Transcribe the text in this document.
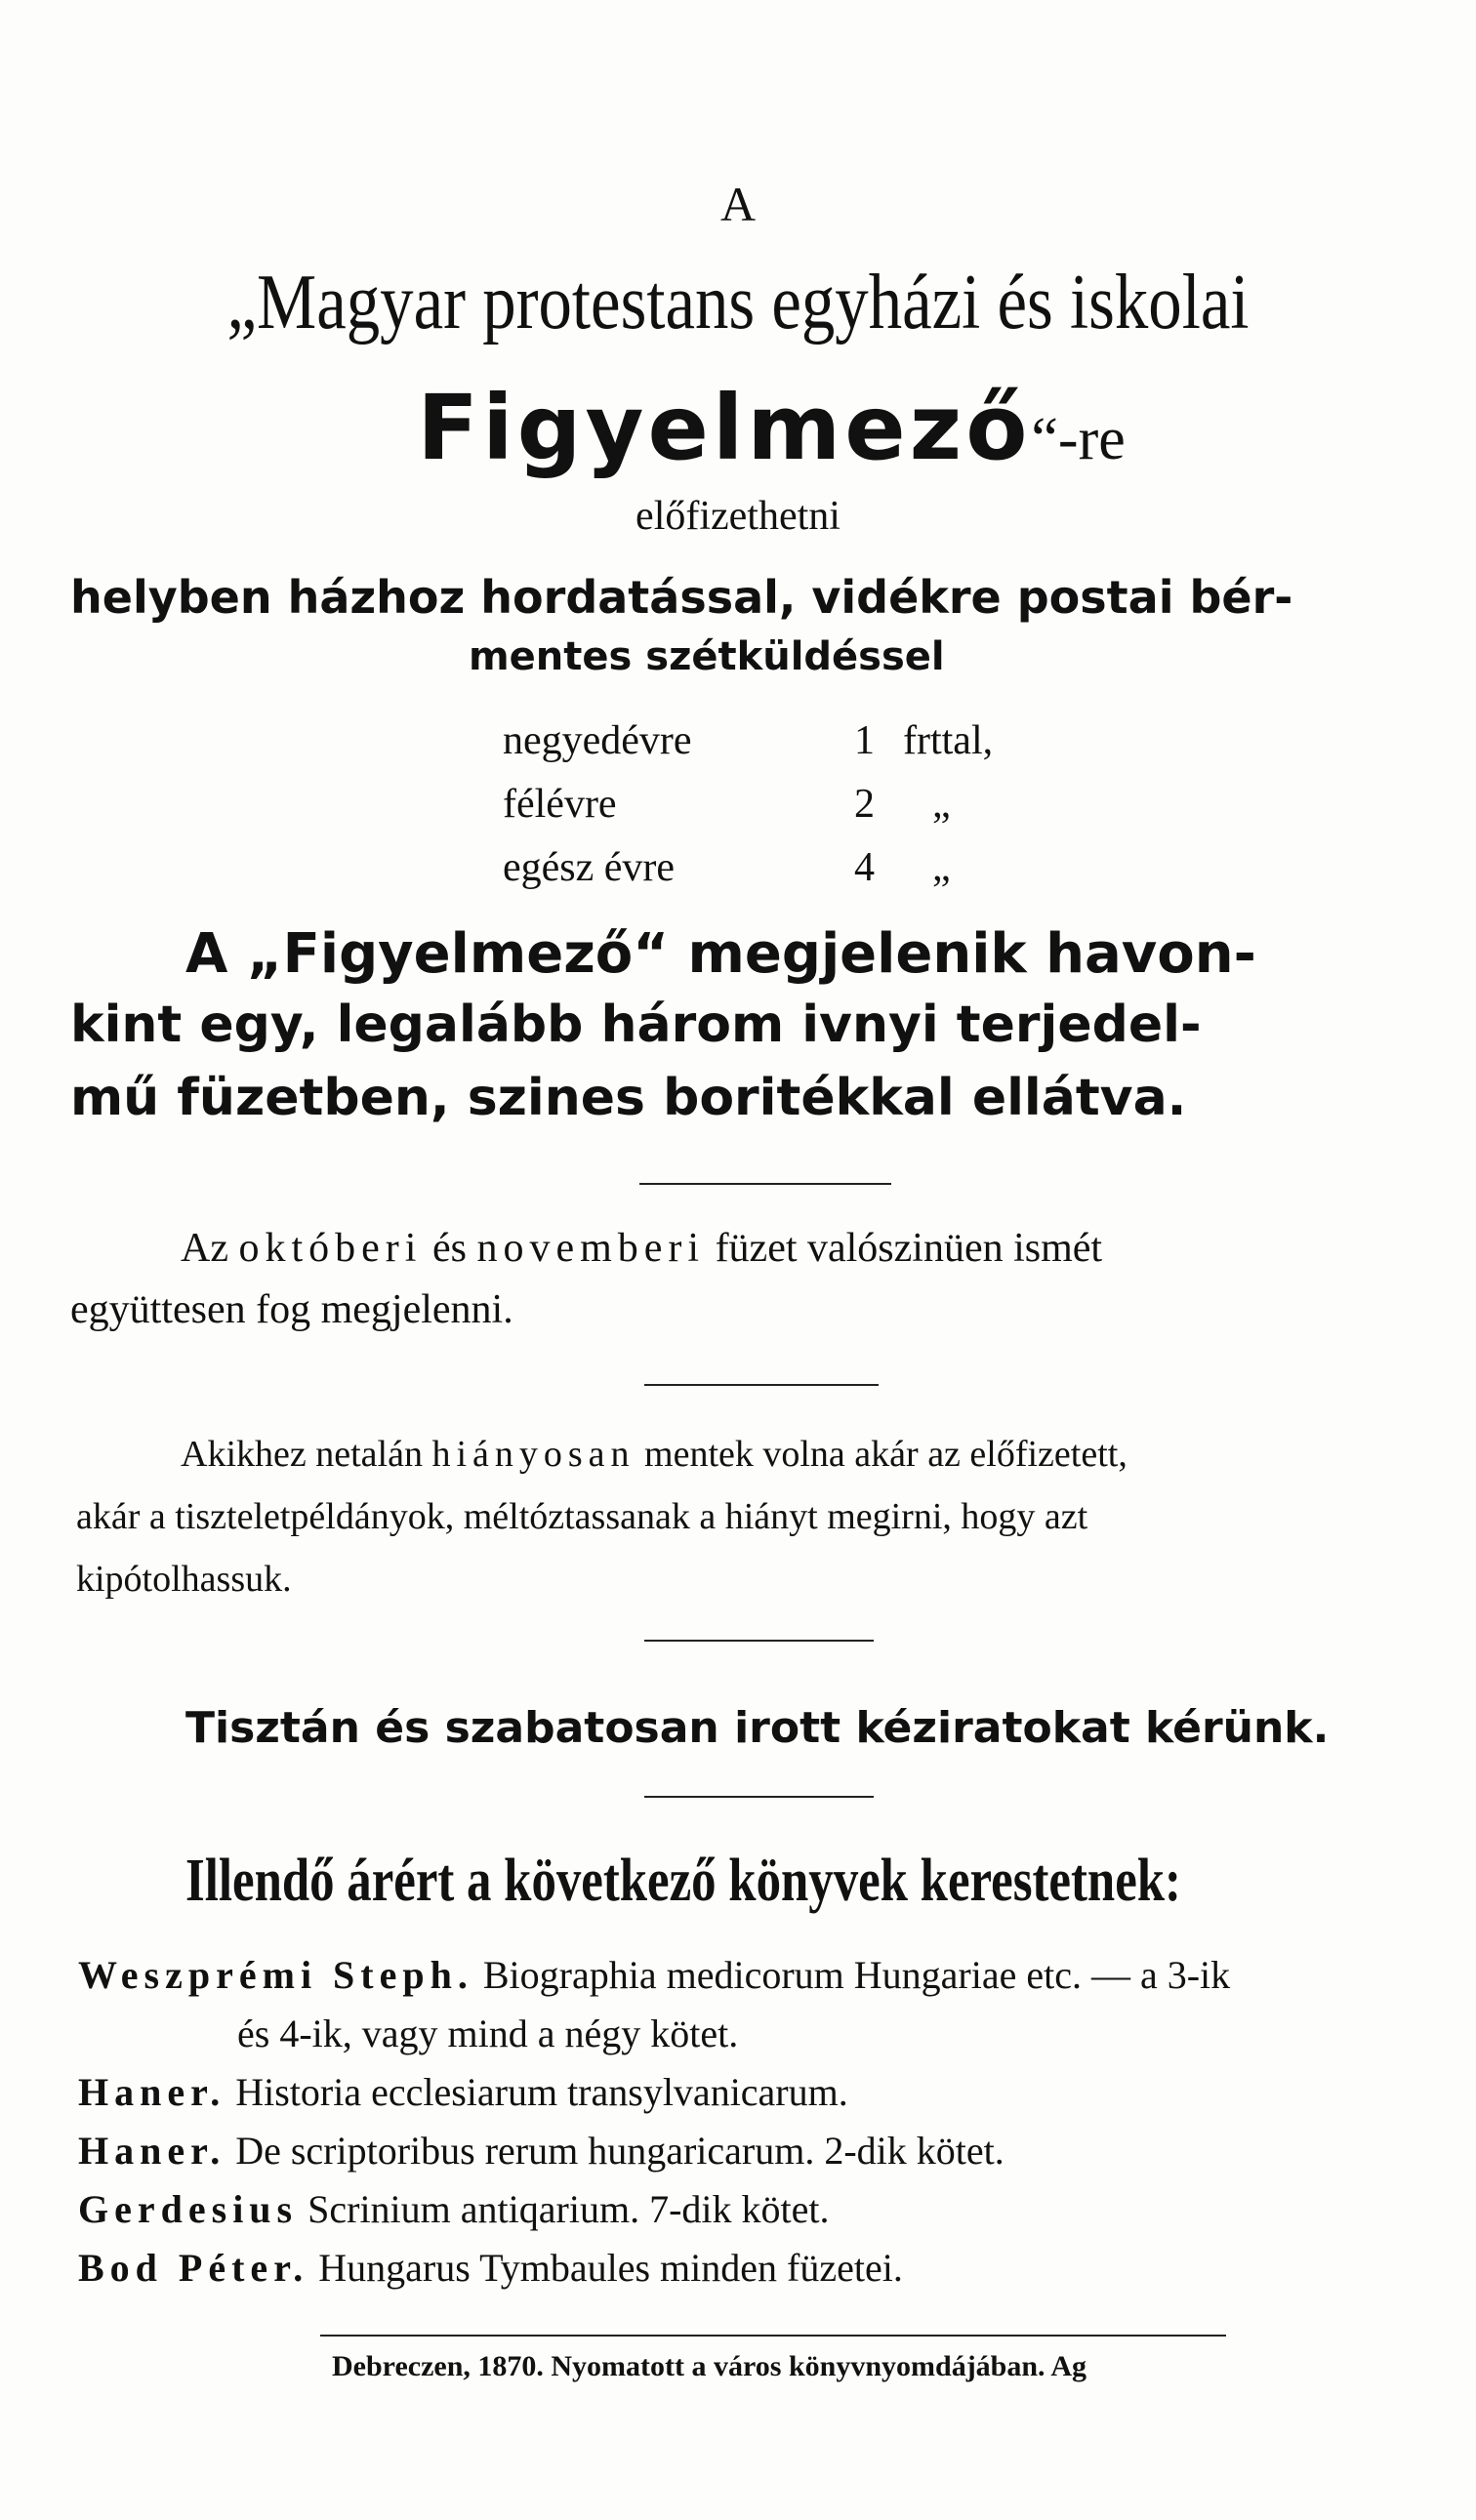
A
„Magyar protestans egyházi és iskolai
Figyelmező“-re
előfizethetni
helyben házhoz hordatással, vidékre postai bér-
mentes szétküldéssel
negyedévre	1 frttal,
félévre	2 „
egész évre	4 „
A „Figyelmező“ megjelenik havon-
kint egy, legalább három ivnyi terjedel-
mű füzetben, szines boritékkal ellátva.
Az októberi és novemberi füzet valószinüen ismét
együttesen fog megjelenni.
Akikhez netalán hiányosan mentek volna akár az előfizetett,
akár a tiszteletpéldányok, méltóztassanak a hiányt megirni, hogy azt
kipótolhassuk.
Tisztán és szabatosan irott kéziratokat kérünk.
Illendő árért a következő könyvek kerestetnek:
Weszprémi Steph. Biographia medicorum Hungariae etc. — a 3-ik
és 4-ik, vagy mind a négy kötet.
Haner. Historia ecclesiarum transylvanicarum.
Haner. De scriptoribus rerum hungaricarum. 2-dik kötet.
Gerdesius Scrinium antiqarium. 7-dik kötet.
Bod Péter. Hungarus Tymbaules minden füzetei.
Debreczen, 1870. Nyomatott a város könyvnyomdájában. Ag
